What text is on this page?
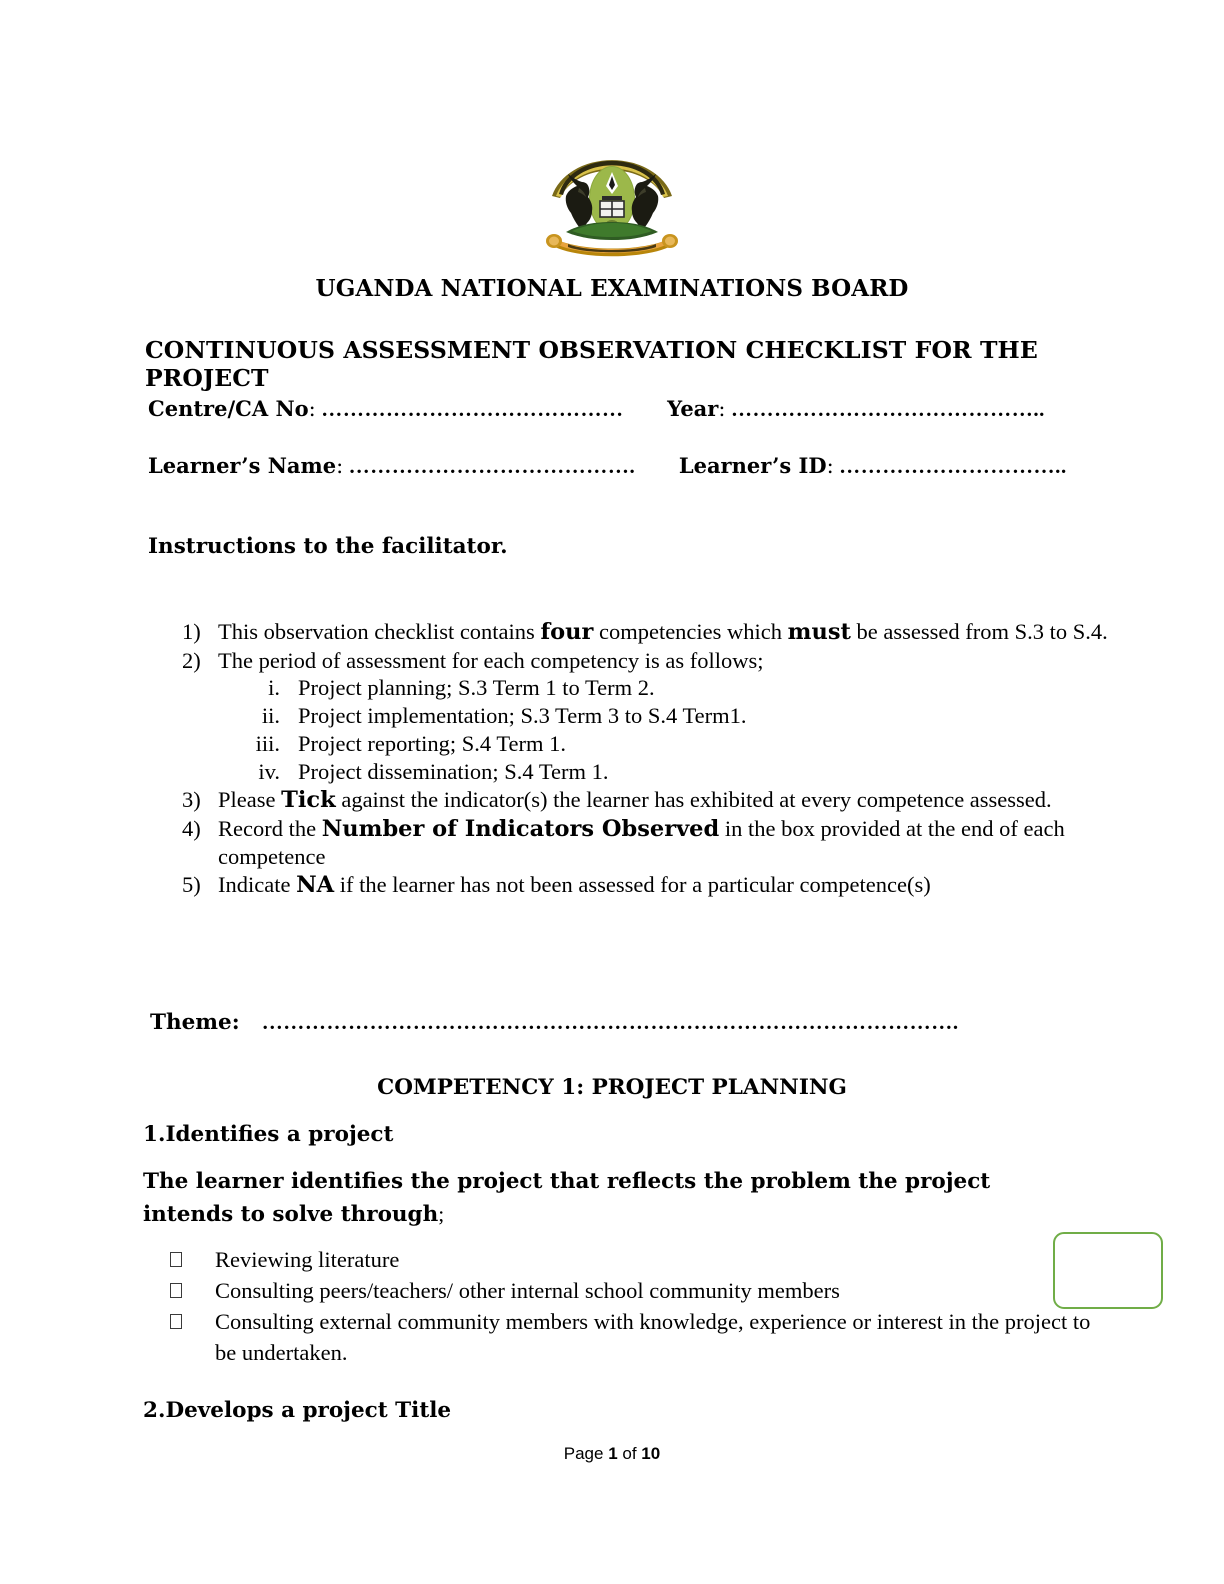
UGANDA NATIONAL EXAMINATIONS BOARD
CONTINUOUS ASSESSMENT OBSERVATION CHECKLIST FOR THE PROJECT
Centre/CA No: …………………………………… Year: ……………………………………..
Learner’s Name: …………………………………. Learner’s ID: …………………………..
Instructions to the facilitator.
1) This observation checklist contains four competencies which must be assessed from S.3 to S.4.
2) The period of assessment for each competency is as follows;
i. Project planning; S.3 Term 1 to Term 2.
ii. Project implementation; S.3 Term 3 to S.4 Term1.
iii. Project reporting; S.4 Term 1.
iv. Project dissemination; S.4 Term 1.
3) Please Tick against the indicator(s) the learner has exhibited at every competence assessed.
4) Record the Number of Indicators Observed in the box provided at the end of each competence
5) Indicate NA if the learner has not been assessed for a particular competence(s)
Theme: …………………………………………………………………………………….
COMPETENCY 1: PROJECT PLANNING
1.Identifies a project
The learner identifies the project that reflects the problem the project intends to solve through;
Reviewing literature
Consulting peers/teachers/ other internal school community members
Consulting external community members with knowledge, experience or interest in the project to be undertaken.
2.Develops a project Title
Page 1 of 10
